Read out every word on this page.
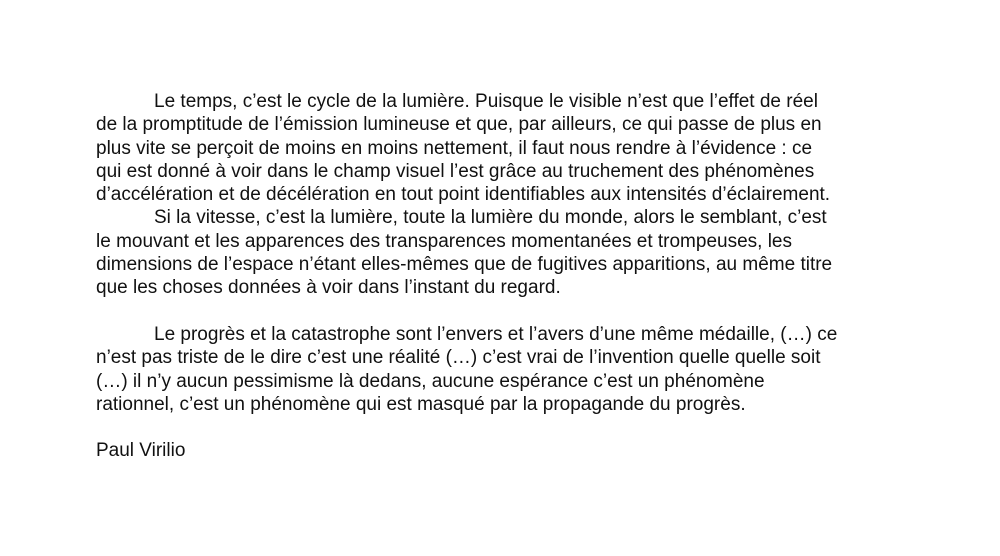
Le temps, c’est le cycle de la lumière. Puisque le visible n’est que l’effet de réel
de la promptitude de l’émission lumineuse et que, par ailleurs, ce qui passe de plus en
plus vite se perçoit de moins en moins nettement, il faut nous rendre à l’évidence : ce
qui est donné à voir dans le champ visuel l’est grâce au truchement des phénomènes
d’accélération et de décélération en tout point identifiables aux intensités d’éclairement.
Si la vitesse, c’est la lumière, toute la lumière du monde, alors le semblant, c’est
le mouvant et les apparences des transparences momentanées et trompeuses, les
dimensions de l’espace n’étant elles-mêmes que de fugitives apparitions, au même titre
que les choses données à voir dans l’instant du regard.
Le progrès et la catastrophe sont l’envers et l’avers d’une même médaille, (…) ce
n’est pas triste de le dire c’est une réalité (…) c’est vrai de l’invention quelle quelle soit
(…) il n’y aucun pessimisme là dedans, aucune espérance c’est un phénomène
rationnel, c’est un phénomène qui est masqué par la propagande du progrès.
Paul Virilio
